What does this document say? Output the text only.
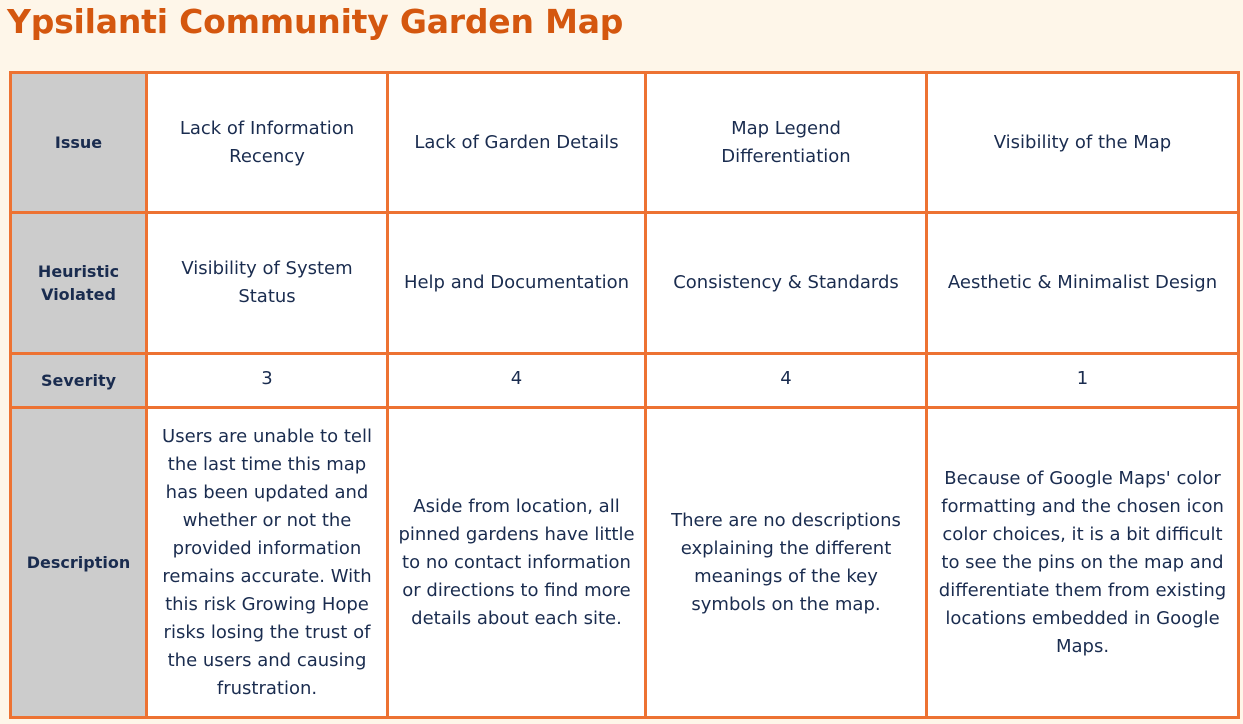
Ypsilanti Community Garden Map
Issue	Lack of Information Recency	Lack of Garden Details	Map Legend Differentiation	Visibility of the Map
Heuristic Violated	Visibility of System Status	Help and Documentation	Consistency & Standards	Aesthetic & Minimalist Design
Severity	3	4	4	1
Description	Users are unable to tell the last time this map has been updated and whether or not the provided information remains accurate. With this risk Growing Hope risks losing the trust of the users and causing frustration.	Aside from location, all pinned gardens have little to no contact information or directions to find more details about each site.	There are no descriptions explaining the different meanings of the key symbols on the map.	Because of Google Maps' color formatting and the chosen icon color choices, it is a bit difficult to see the pins on the map and differentiate them from existing locations embedded in Google Maps.
